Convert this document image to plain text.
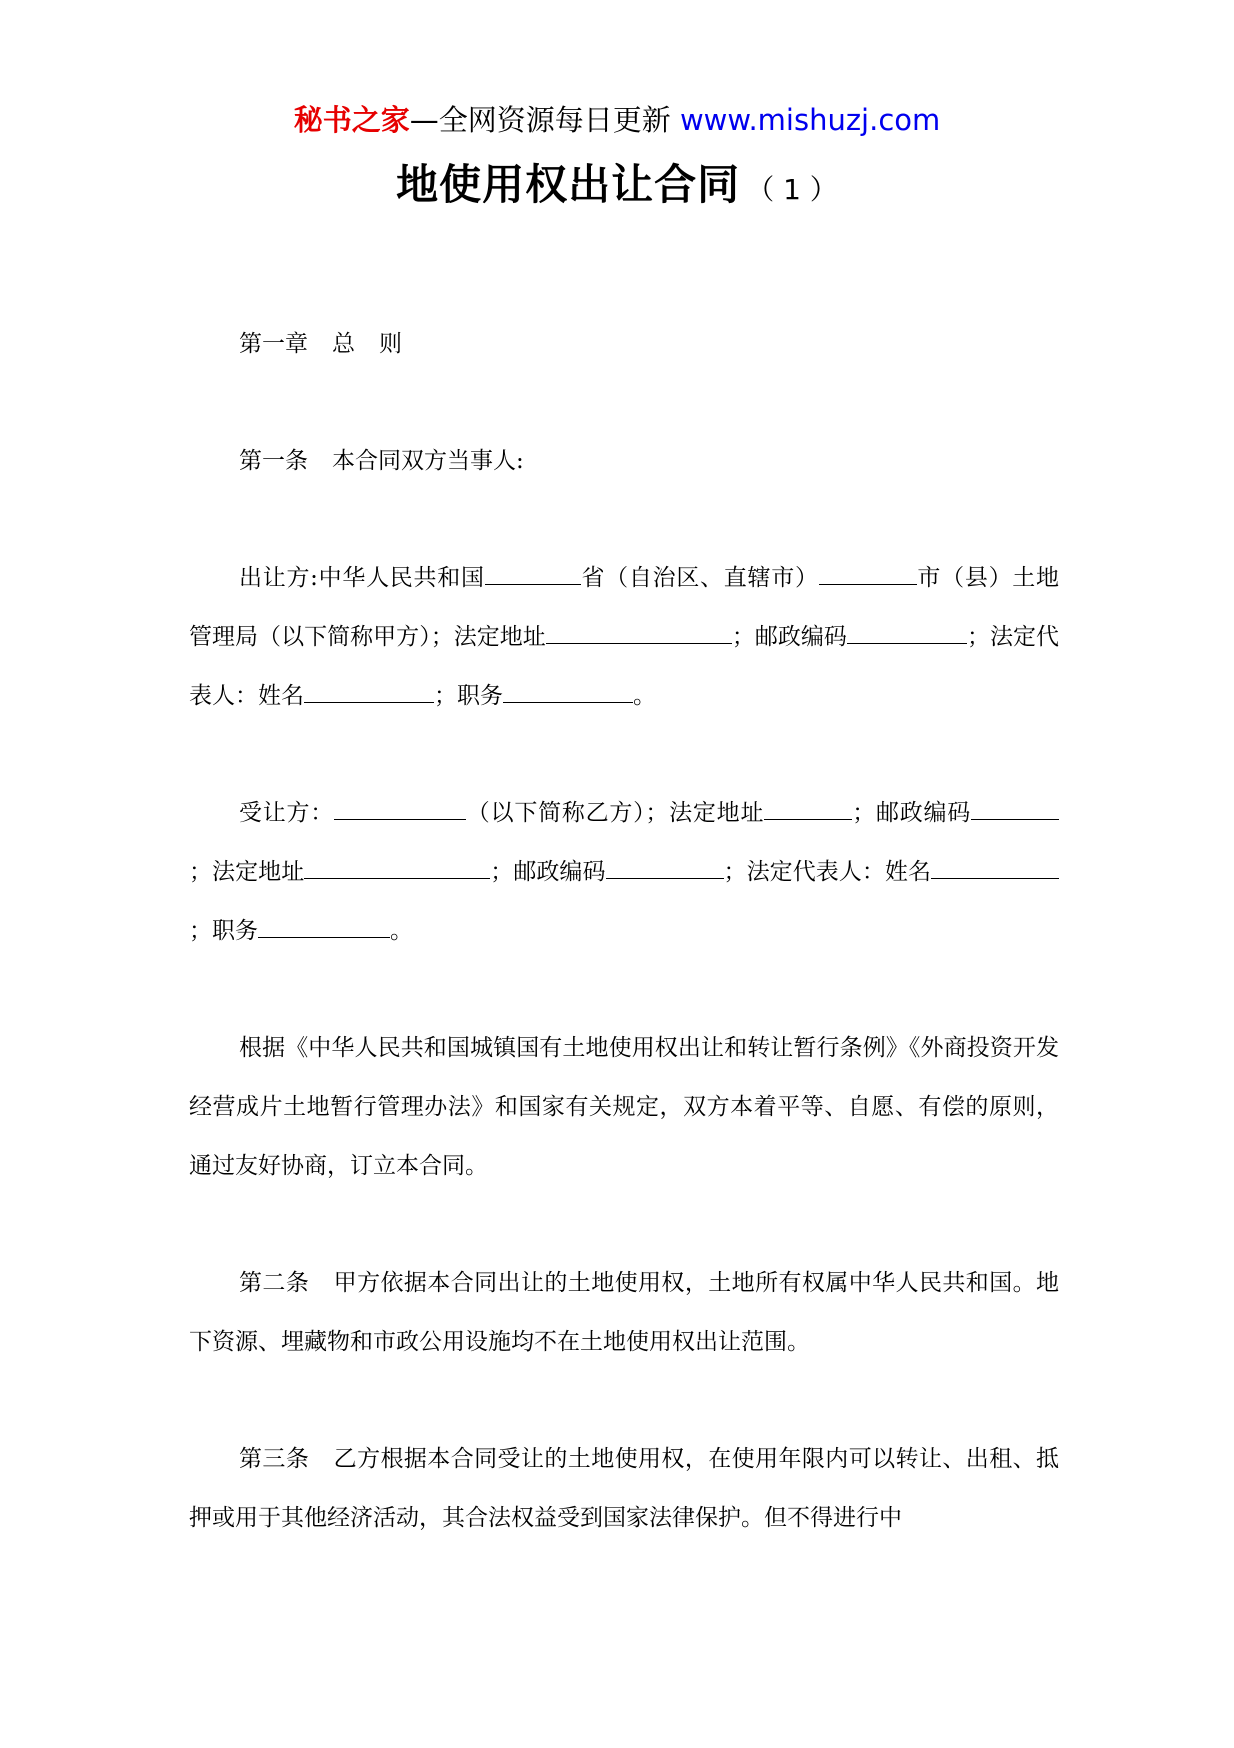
秘书之家—全网资源每日更新 www.mishuzj.com
地使用权出让合同 （ 1 ）

第一章 总 则

第一条 本合同双方当事人:

出让方:中华人民共和国	省（自治区、直辖市）	市（县）土地管理局（以下简称甲方）；法定地址	；邮政编码	；法定代表人：姓名	；职务	。

受让方：	（以下简称乙方）；法定地址	；邮政编码；法定地址	；邮政编码	；法定代表人：姓名；职务	。

根据《中华人民共和国城镇国有土地使用权出让和转让暂行条例》《外商投资开发经营成片土地暂行管理办法》和国家有关规定，双方本着平等、自愿、有偿的原则，通过友好协商，订立本合同。

第二条 甲方依据本合同出让的土地使用权，土地所有权属中华人民共和国。地下资源、埋藏物和市政公用设施均不在土地使用权出让范围。

第三条 乙方根据本合同受让的土地使用权，在使用年限内可以转让、出租、抵押或用于其他经济活动，其合法权益受到国家法律保护。但不得进行中
